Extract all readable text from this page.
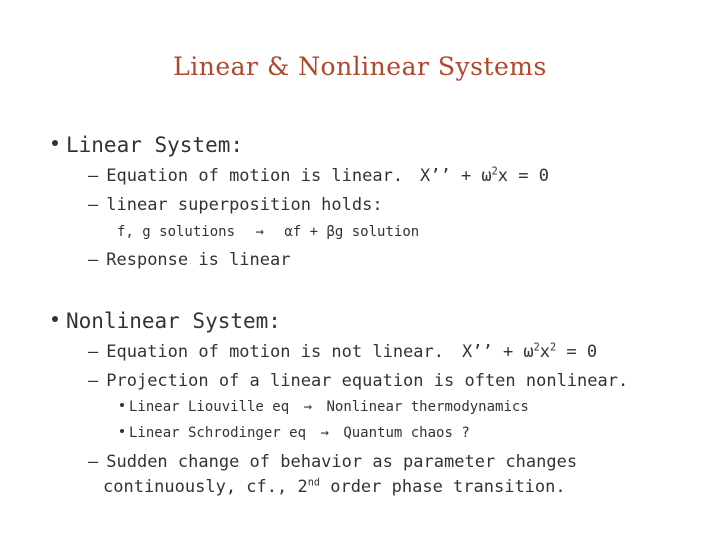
Linear & Nonlinear Systems
Linear System:
– Equation of motion is linear. X’’ + $\omega^2x = 0$
– linear superposition holds:
f, g solutions → αf + βg solution
– Response is linear
Nonlinear System:
– Equation of motion is not linear. X’’ + $\omega^2x^2 = 0$
– Projection of a linear equation is often nonlinear.
Linear Liouville eq → Nonlinear thermodynamics
Linear Schrodinger eq → Quantum chaos ?
– Sudden change of behavior as parameter changes
continuously, cf., 2nd order phase transition.
